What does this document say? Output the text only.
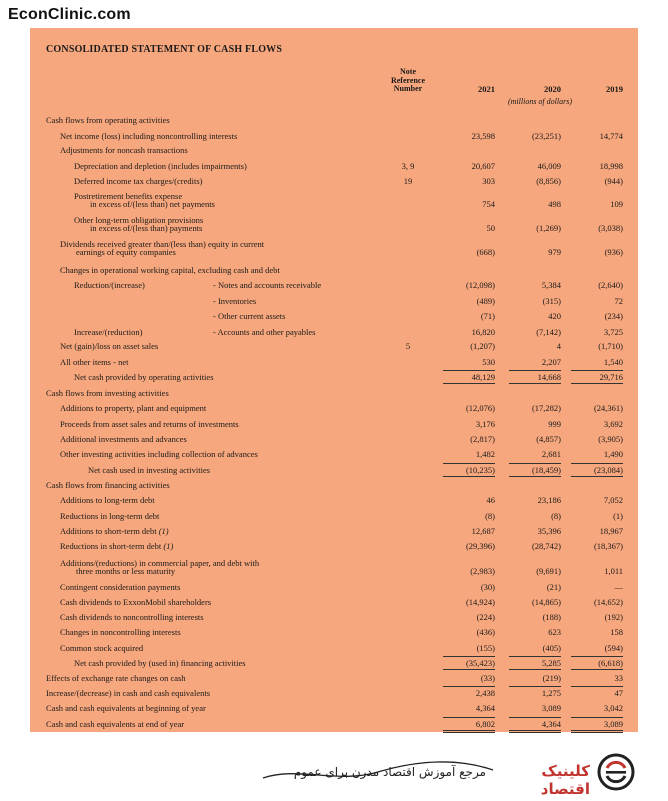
EconClinic.com
CONSOLIDATED STATEMENT OF CASH FLOWS
Note Reference Number	2021	2020	2019
(millions of dollars)
Cash flows from operating activities
Net income (loss) including noncontrolling interests	23,598	(23,251)	14,774
Adjustments for noncash transactions
Depreciation and depletion (includes impairments)	3, 9	20,607	46,009	18,998
Deferred income tax charges/(credits)	19	303	(8,856)	(944)
Postretirement benefits expense
in excess of/(less than) net payments	754	498	109
Other long-term obligation provisions
in excess of/(less than) payments	50	(1,269)	(3,038)
Dividends received greater than/(less than) equity in current
earnings of equity companies	(668)	979	(936)
Changes in operational working capital, excluding cash and debt
Reduction/(increase)	- Notes and accounts receivable	(12,098)	5,384	(2,640)
- Inventories	(489)	(315)	72
- Other current assets	(71)	420	(234)
Increase/(reduction)	- Accounts and other payables	16,820	(7,142)	3,725
Net (gain)/loss on asset sales	5	(1,207)	4	(1,710)
All other items - net	530	2,207	1,540
Net cash provided by operating activities	48,129	14,668	29,716
Cash flows from investing activities
Additions to property, plant and equipment	(12,076)	(17,282)	(24,361)
Proceeds from asset sales and returns of investments	3,176	999	3,692
Additional investments and advances	(2,817)	(4,857)	(3,905)
Other investing activities including collection of advances	1,482	2,681	1,490
Net cash used in investing activities	(10,235)	(18,459)	(23,084)
Cash flows from financing activities
Additions to long-term debt	46	23,186	7,052
Reductions in long-term debt	(8)	(8)	(1)
Additions to short-term debt (1)	12,687	35,396	18,967
Reductions in short-term debt (1)	(29,396)	(28,742)	(18,367)
Additions/(reductions) in commercial paper, and debt with
three months or less maturity	(2,983)	(9,691)	1,011
Contingent consideration payments	(30)	(21)	—
Cash dividends to ExxonMobil shareholders	(14,924)	(14,865)	(14,652)
Cash dividends to noncontrolling interests	(224)	(188)	(192)
Changes in noncontrolling interests	(436)	623	158
Common stock acquired	(155)	(405)	(594)
Net cash provided by (used in) financing activities	(35,423)	5,285	(6,618)
Effects of exchange rate changes on cash	(33)	(219)	33
Increase/(decrease) in cash and cash equivalents	2,438	1,275	47
Cash and cash equivalents at beginning of year	4,364	3,089	3,042
Cash and cash equivalents at end of year	6,802	4,364	3,089
مرجع آموزش اقتصاد مدرن برای عموم	کلینیک اقتصاد
